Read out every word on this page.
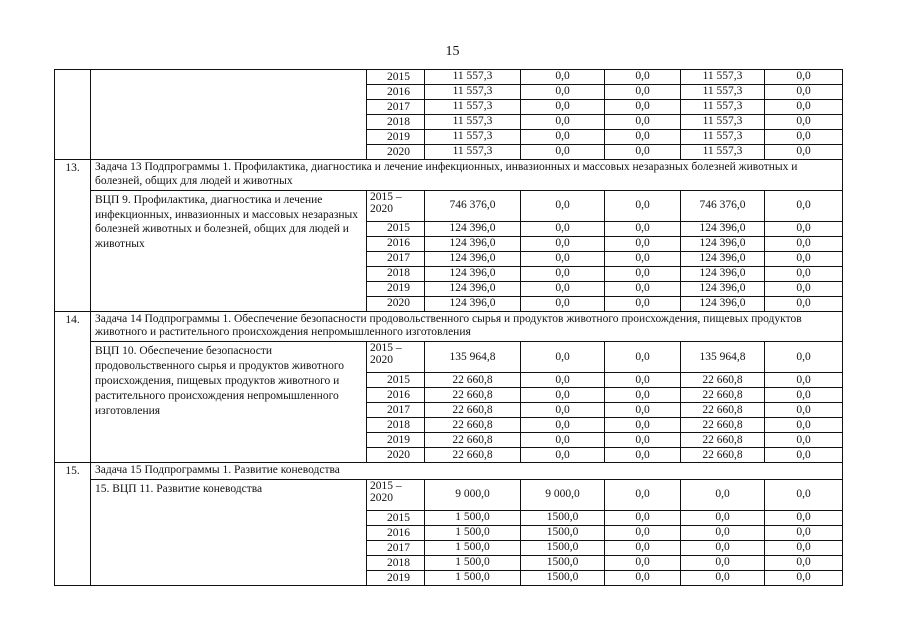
15
		2015	11 557,3	0,0	0,0	11 557,3	0,0
		2016	11 557,3	0,0	0,0	11 557,3	0,0
		2017	11 557,3	0,0	0,0	11 557,3	0,0
		2018	11 557,3	0,0	0,0	11 557,3	0,0
		2019	11 557,3	0,0	0,0	11 557,3	0,0
		2020	11 557,3	0,0	0,0	11 557,3	0,0
13.	Задача 13 Подпрограммы 1. Профилактика, диагностика и лечение инфекционных, инвазионных и массовых незаразных болезней животных и болезней, общих для людей и животных						
	ВЦП 9. Профилактика, диагностика и лечение инфекционных, инвазионных и массовых незаразных болезней животных и болезней, общих для людей и животных	2015 – 2020	746 376,0	0,0	0,0	746 376,0	0,0
		2015	124 396,0	0,0	0,0	124 396,0	0,0
		2016	124 396,0	0,0	0,0	124 396,0	0,0
		2017	124 396,0	0,0	0,0	124 396,0	0,0
		2018	124 396,0	0,0	0,0	124 396,0	0,0
		2019	124 396,0	0,0	0,0	124 396,0	0,0
		2020	124 396,0	0,0	0,0	124 396,0	0,0
14.	Задача 14 Подпрограммы 1. Обеспечение безопасности продовольственного сырья и продуктов животного происхождения, пищевых продуктов животного и растительного происхождения непромышленного изготовления						
	ВЦП 10. Обеспечение безопасности продовольственного сырья и продуктов животного происхождения, пищевых продуктов животного и растительного происхождения непромышленного изготовления	2015 – 2020	135 964,8	0,0	0,0	135 964,8	0,0
		2015	22 660,8	0,0	0,0	22 660,8	0,0
		2016	22 660,8	0,0	0,0	22 660,8	0,0
		2017	22 660,8	0,0	0,0	22 660,8	0,0
		2018	22 660,8	0,0	0,0	22 660,8	0,0
		2019	22 660,8	0,0	0,0	22 660,8	0,0
		2020	22 660,8	0,0	0,0	22 660,8	0,0
15.	Задача 15 Подпрограммы 1. Развитие коневодства						
	15. ВЦП 11. Развитие коневодства	2015 – 2020	9 000,0	9 000,0	0,0	0,0	0,0
		2015	1 500,0	1500,0	0,0	0,0	0,0
		2016	1 500,0	1500,0	0,0	0,0	0,0
		2017	1 500,0	1500,0	0,0	0,0	0,0
		2018	1 500,0	1500,0	0,0	0,0	0,0
		2019	1 500,0	1500,0	0,0	0,0	0,0
